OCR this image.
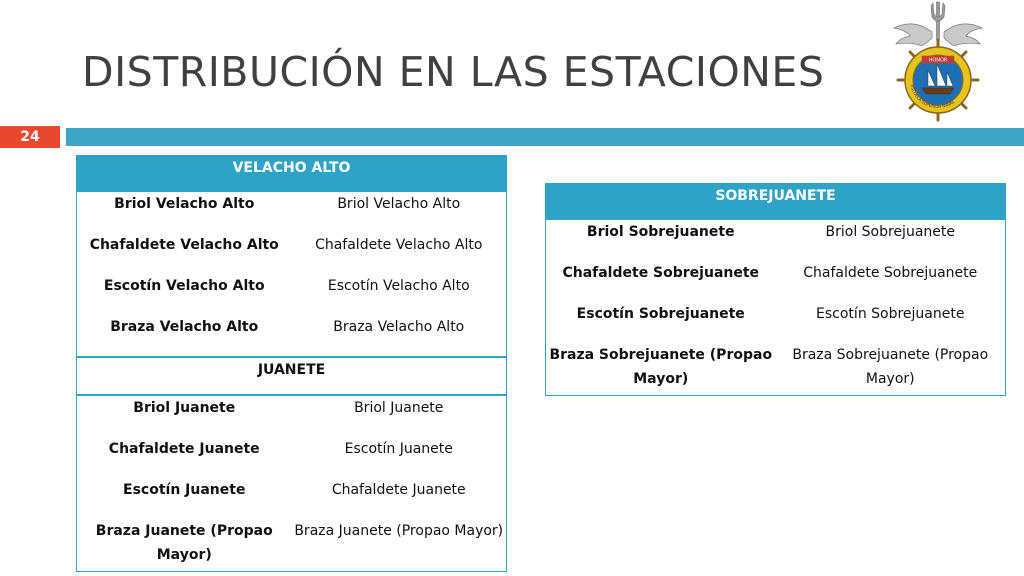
DISTRIBUCIÓN EN LAS ESTACIONES
24
HONOR
ESCUELA SUPERIOR NAVAL
VELACHO ALTO	
Briol Velacho Alto	Briol Velacho Alto
Chafaldete Velacho Alto	Chafaldete Velacho Alto
Escotín Velacho Alto	Escotín Velacho Alto
Braza Velacho Alto	Braza Velacho Alto
JUANETE	
Briol Juanete	Briol Juanete
Chafaldete Juanete	Escotín Juanete
Escotín Juanete	Chafaldete Juanete
Braza Juanete (Propao Mayor)	Braza Juanete (Propao Mayor)
SOBREJUANETE	
Briol Sobrejuanete	Briol Sobrejuanete
Chafaldete Sobrejuanete	Chafaldete Sobrejuanete
Escotín Sobrejuanete	Escotín Sobrejuanete
Braza Sobrejuanete (Propao Mayor)	Braza Sobrejuanete (Propao Mayor)
